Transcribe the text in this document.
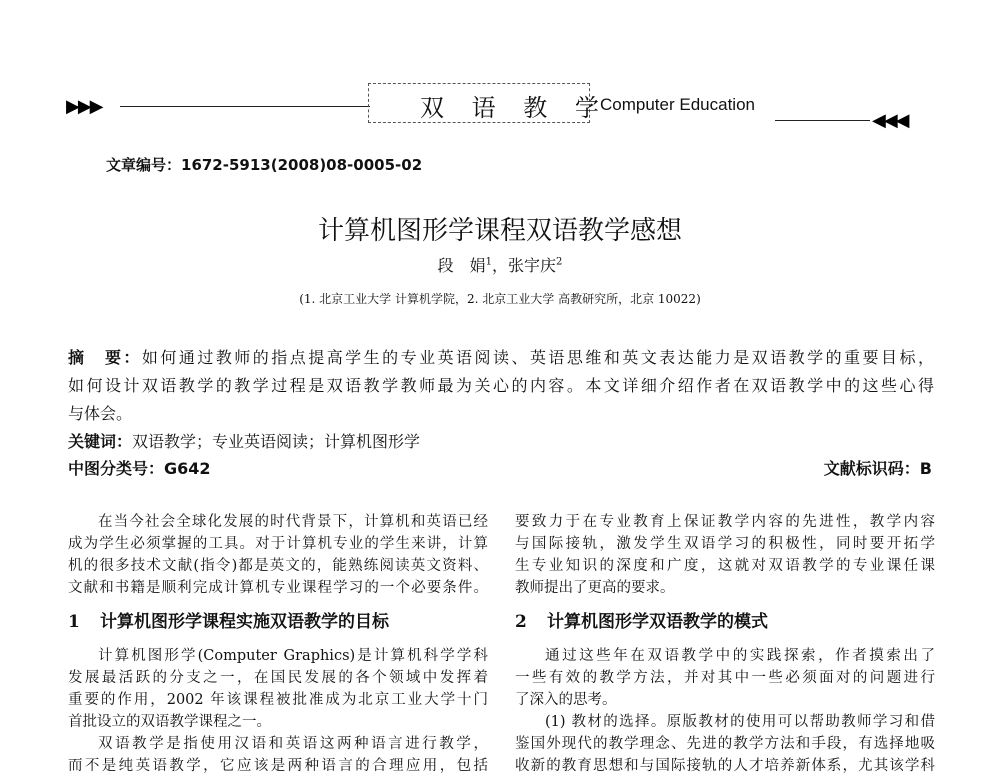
▶▶▶	双 语 教 学
Computer Education
◀◀◀
文章编号：1672-5913(2008)08-0005-02
计算机图形学课程双语教学感想
段　娟$^1$，张宇庆$^2$
(1. 北京工业大学 计算机学院，2. 北京工业大学 高教研究所，北京 10022)
摘　要：如何通过教师的指点提高学生的专业英语阅读、英语思维和英文表达能力是双语教学的重要目标，
如何设计双语教学的教学过程是双语教学教师最为关心的内容。本文详细介绍作者在双语教学中的这些心得
与体会。
关键词：双语教学；专业英语阅读；计算机图形学
中图分类号：G642	文献标识码：B
在当今社会全球化发展的时代背景下，计算机和英语已经
成为学生必须掌握的工具。对于计算机专业的学生来讲，计算
机的很多技术文献(指令)都是英文的，能熟练阅读英文资料、
文献和书籍是顺利完成计算机专业课程学习的一个必要条件。
1 计算机图形学课程实施双语教学的目标
计算机图形学(Computer Graphics)是计算机科学学科
发展最活跃的分支之一，在国民发展的各个领域中发挥着
重要的作用，2002 年该课程被批准成为北京工业大学十门
首批设立的双语教学课程之一。
双语教学是指使用汉语和英语这两种语言进行教学，
而不是纯英语教学，它应该是两种语言的合理应用，包括
要致力于在专业教育上保证教学内容的先进性，教学内容
与国际接轨，激发学生双语学习的积极性，同时要开拓学
生专业知识的深度和广度，这就对双语教学的专业课任课
教师提出了更高的要求。
2 计算机图形学双语教学的模式
通过这些年在双语教学中的实践探索，作者摸索出了
一些有效的教学方法，并对其中一些必须面对的问题进行
了深入的思考。
(1) 教材的选择。原版教材的使用可以帮助教师学习和借
鉴国外现代的教学理念、先进的教学方法和手段，有选择地吸
收新的教育思想和与国际接轨的人才培养新体系，尤其该学科
